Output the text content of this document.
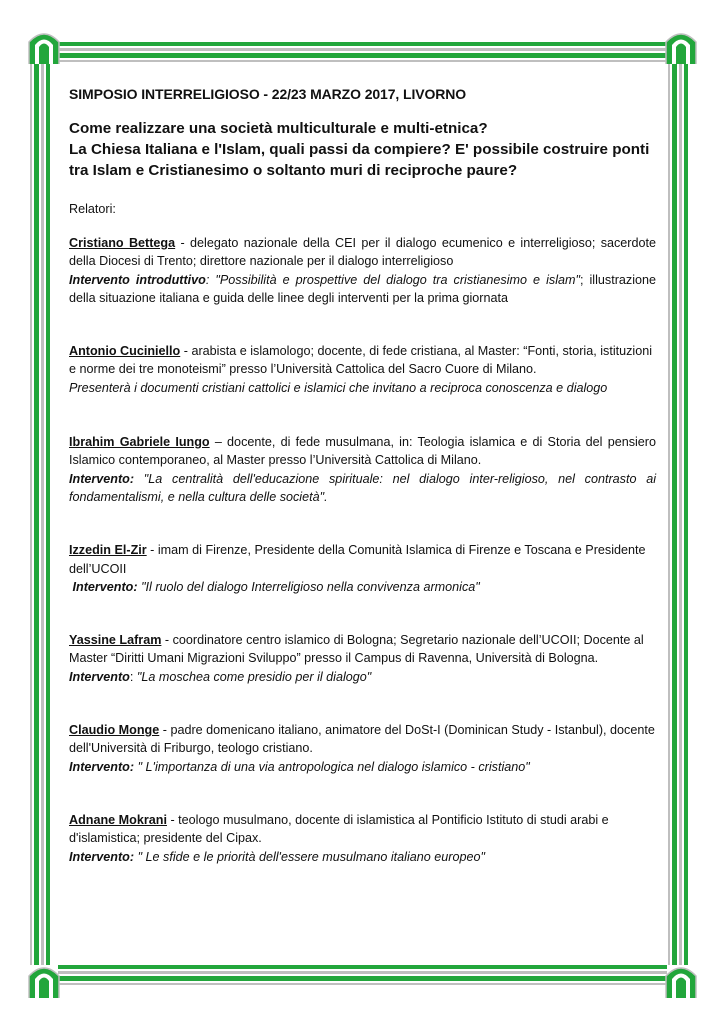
SIMPOSIO INTERRELIGIOSO - 22/23 MARZO 2017, LIVORNO
Come realizzare una società multiculturale e multi-etnica?
La Chiesa Italiana e l'Islam, quali passi da compiere? E' possibile costruire ponti tra Islam e Cristianesimo o soltanto muri di reciproche paure?
Relatori:
Cristiano Bettega - delegato nazionale della CEI per il dialogo ecumenico e interreligioso; sacerdote della Diocesi di Trento; direttore nazionale per il dialogo interreligioso
Intervento introduttivo: "Possibilità e prospettive del dialogo tra cristianesimo e islam"; illustrazione della situazione italiana e guida delle linee degli interventi per la prima giornata
Antonio Cuciniello - arabista e islamologo; docente, di fede cristiana, al Master: “Fonti, storia, istituzioni e norme dei tre monoteismi” presso l’Università Cattolica del Sacro Cuore di Milano.
Presenterà i documenti cristiani cattolici e islamici che invitano a reciproca conoscenza e dialogo
Ibrahim Gabriele Iungo – docente, di fede musulmana, in: Teologia islamica e di Storia del pensiero Islamico contemporaneo, al Master presso l’Università Cattolica di Milano.
Intervento: "La centralità dell'educazione spirituale: nel dialogo inter-religioso, nel contrasto ai fondamentalismi, e nella cultura delle società".
Izzedin El-Zir - imam di Firenze, Presidente della Comunità Islamica di Firenze e Toscana e Presidente dell’UCOII
Intervento: "Il ruolo del dialogo Interreligioso nella convivenza armonica"
Yassine Lafram - coordinatore centro islamico di Bologna; Segretario nazionale dell’UCOII; Docente al Master “Diritti Umani Migrazioni Sviluppo” presso il Campus di Ravenna, Università di Bologna.
Intervento: "La moschea come presidio per il dialogo"
Claudio Monge - padre domenicano italiano, animatore del DoSt-I (Dominican Study - Istanbul), docente dell'Università di Friburgo, teologo cristiano.
Intervento: " L'importanza di una via antropologica nel dialogo islamico - cristiano"
Adnane Mokrani - teologo musulmano, docente di islamistica al Pontificio Istituto di studi arabi e d'islamistica; presidente del Cipax.
Intervento: " Le sfide e le priorità dell'essere musulmano italiano europeo"
